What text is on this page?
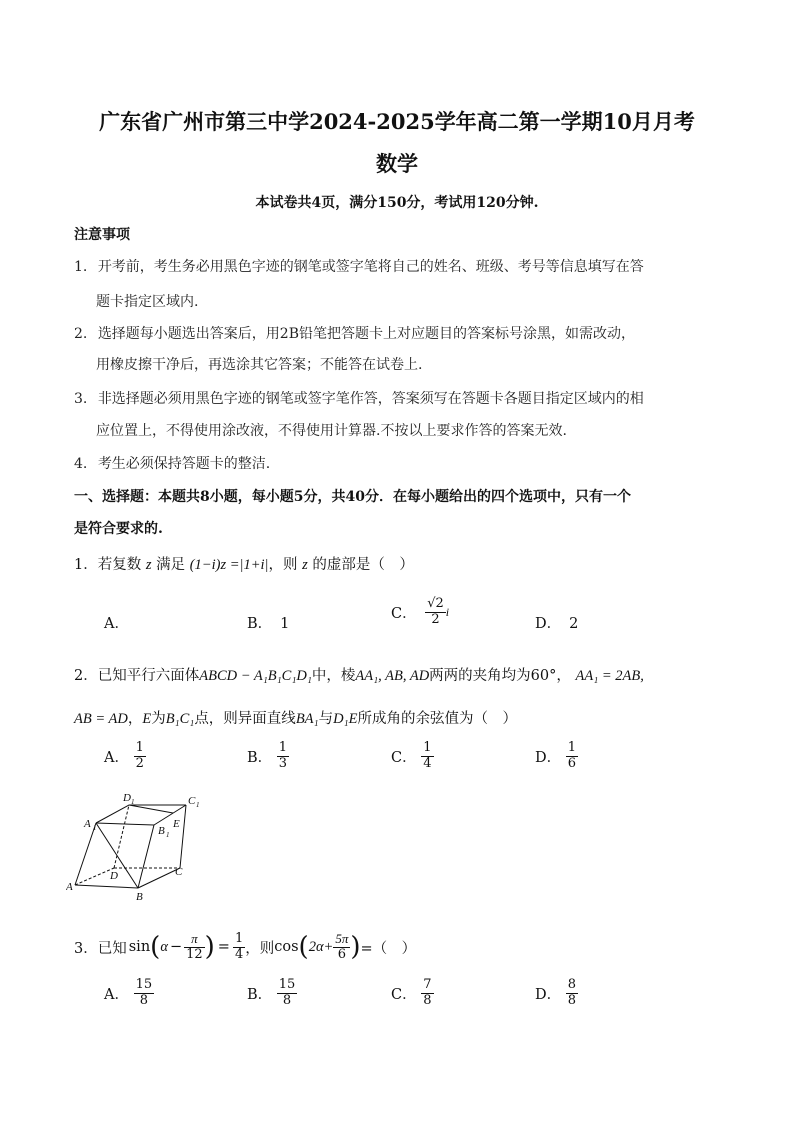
广东省广州市第三中学2024-2025学年高二第一学期10月月考
数学
本试卷共4页，满分150分，考试用120分钟.
注意事项
1. 开考前，考生务必用黑色字迹的钢笔或签字笔将自己的姓名、班级、考号等信息填写在答
题卡指定区域内.
2. 选择题每小题选出答案后，用2B铅笔把答题卡上对应题目的答案标号涂黑，如需改动，
用橡皮擦干净后，再选涂其它答案；不能答在试卷上.
3. 非选择题必须用黑色字迹的钢笔或签字笔作答，答案须写在答题卡各题目指定区域内的相
应位置上，不得使用涂改液，不得使用计算器.不按以上要求作答的答案无效.
4. 考生必须保持答题卡的整洁.
一、选择题：本题共8小题，每小题5分，共40分．在每小题给出的四个选项中，只有一个
是符合要求的.
1．若复数 z 满足 (1−i)z =|1+i|，则 z 的虚部是（　）
A．	B． 1
C． $\frac{√2}{2}$ i
D． 2
2．已知平行六面体ABCD − A₁B₁C₁D₁中，棱AA₁, AB, AD两两的夹角均为60°， AA₁ = 2AB,
AB = AD，E为B₁C₁点，则异面直线BA₁与D₁E所成角的余弦值为（　）
A． $\frac{1}{2}$	B． $\frac{1}{3}$	C． $\frac{1}{4}$	D． $\frac{1}{6}$
A
B
C
D
A 1	B 1
C 1
D 1
E
3． 已知 sin ( $\alpha - \frac{\pi}{12}$ ) = $\frac{1}{4}$ ，则 cos ( $2\alpha+ \frac{5\pi}{6}$ ) =（　）
A． $\frac{15}{8}$	B． $\frac{15}{8}$	C． $\frac{7}{8}$	D． $\frac{8}{8}$
